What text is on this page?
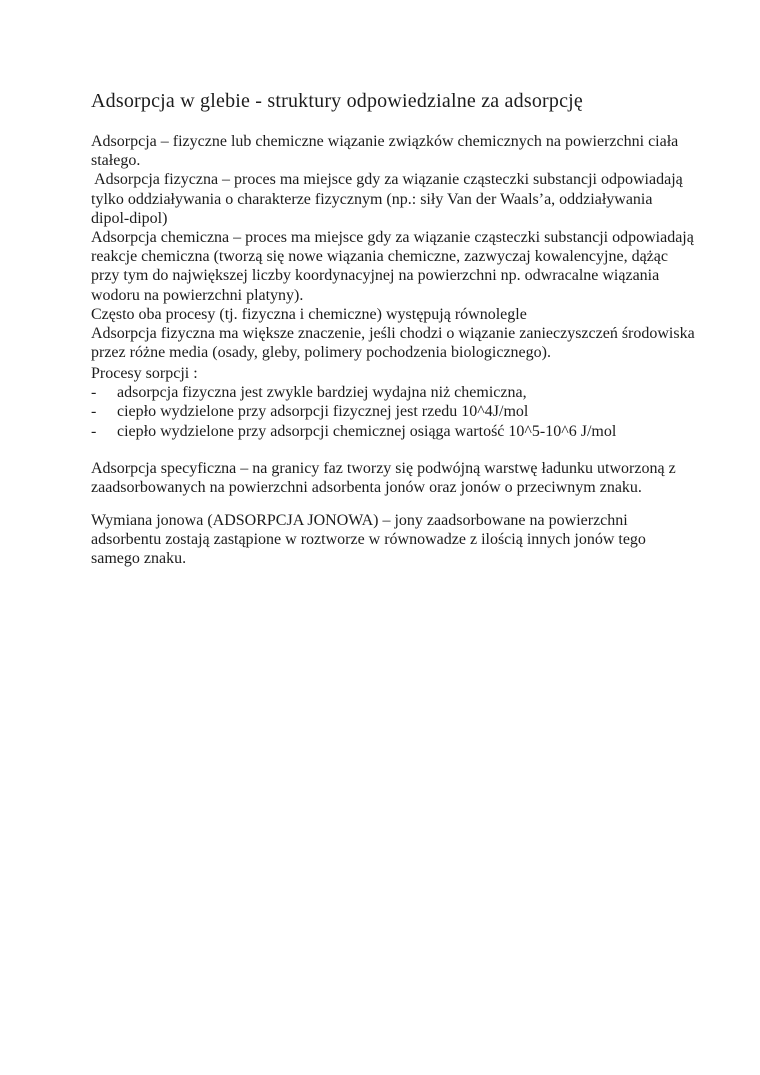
Adsorpcja w glebie - struktury odpowiedzialne za adsorpcję
Adsorpcja – fizyczne lub chemiczne wiązanie związków chemicznych na powierzchni ciała
stałego.
Adsorpcja fizyczna – proces ma miejsce gdy za wiązanie cząsteczki substancji odpowiadają
tylko oddziaływania o charakterze fizycznym (np.: siły Van der Waals’a, oddziaływania
dipol-dipol)
Adsorpcja chemiczna – proces ma miejsce gdy za wiązanie cząsteczki substancji odpowiadają
reakcje chemiczna (tworzą się nowe wiązania chemiczne, zazwyczaj kowalencyjne, dążąc
przy tym do największej liczby koordynacyjnej na powierzchni np. odwracalne wiązania
wodoru na powierzchni platyny).
Często oba procesy (tj. fizyczna i chemiczne) występują równolegle
Adsorpcja fizyczna ma większe znaczenie, jeśli chodzi o wiązanie zanieczyszczeń środowiska
przez różne media (osady, gleby, polimery pochodzenia biologicznego).
Procesy sorpcji :
-	adsorpcja fizyczna jest zwykle bardziej wydajna niż chemiczna,
-	ciepło wydzielone przy adsorpcji fizycznej jest rzedu 10^4J/mol
-	ciepło wydzielone przy adsorpcji chemicznej osiąga wartość 10^5-10^6 J/mol
Adsorpcja specyficzna – na granicy faz tworzy się podwójną warstwę ładunku utworzoną z
zaadsorbowanych na powierzchni adsorbenta jonów oraz jonów o przeciwnym znaku.
Wymiana jonowa (ADSORPCJA JONOWA) – jony zaadsorbowane na powierzchni
adsorbentu zostają zastąpione w roztworze w równowadze z ilością innych jonów tego
samego znaku.
